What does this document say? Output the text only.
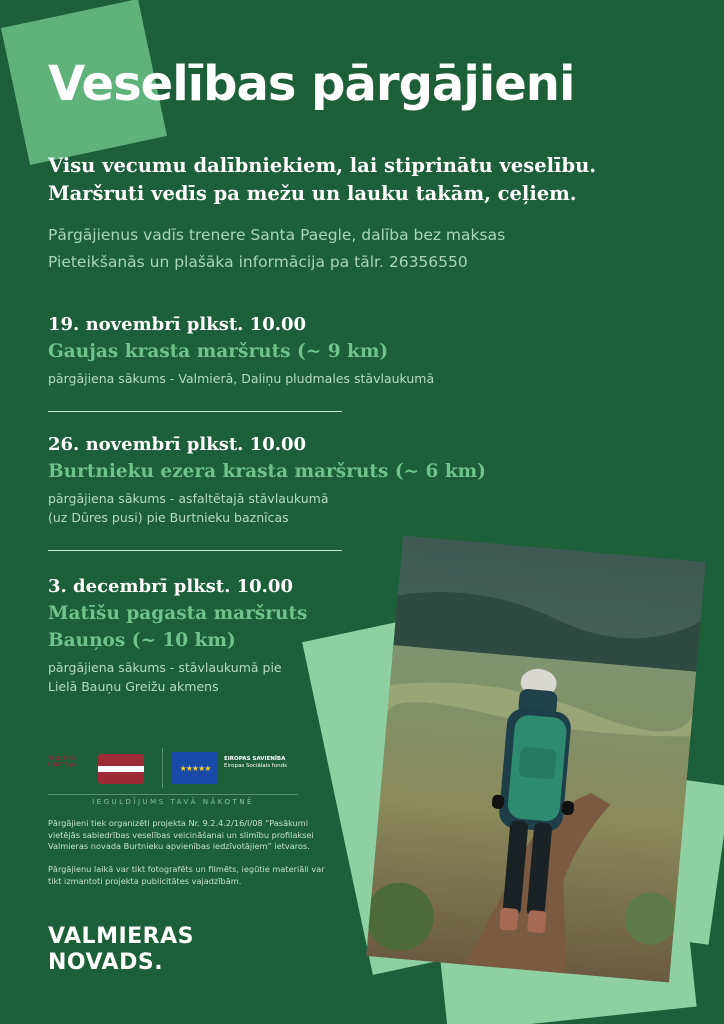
Veselības pārgājieni
Visu vecumu dalībniekiem, lai stiprinātu veselību.
Maršruti vedīs pa mežu un lauku takām, ceļiem.
Pārgājienus vadīs trenere Santa Paegle, dalība bez maksas
Pieteikšanās un plašāka informācija pa tālr. 26356550
19. novembrī plkst. 10.00
Gaujas krasta maršruts (~ 9 km)
pārgājiena sākums - Valmierā, Daliņu pludmales stāvlaukumā
26. novembrī plkst. 10.00
Burtnieku ezera krasta maršruts (~ 6 km)
pārgājiena sākums - asfaltētajā stāvlaukumā
(uz Dūres pusi) pie Burtnieku baznīcas
3. decembrī plkst. 10.00
Matīšu pagasta maršruts
Bauņos (~ 10 km)
pārgājiena sākums - stāvlaukumā pie
Lielā Bauņu Greižu akmens
VESELĪBAS MINISTRIJA	★★★★★
EIROPAS SAVIENĪBA
Eiropas Sociālais fonds
IEGULDĪJUMS TAVĀ NĀKOTNĒ
Pārgājieni tiek organizēti projekta Nr. 9.2.4.2/16/I/08 “Pasākumi vietējās sabiedrības veselības veicināšanai un slimību profilaksei Valmieras novada Burtnieku apvienības iedzīvotājiem” ietvaros.
Pārgājienu laikā var tikt fotografēts un filmēts, iegūtie materiāli var tikt izmantoti projekta publicitātes vajadzībām.
VALMIERAS
NOVADS.
